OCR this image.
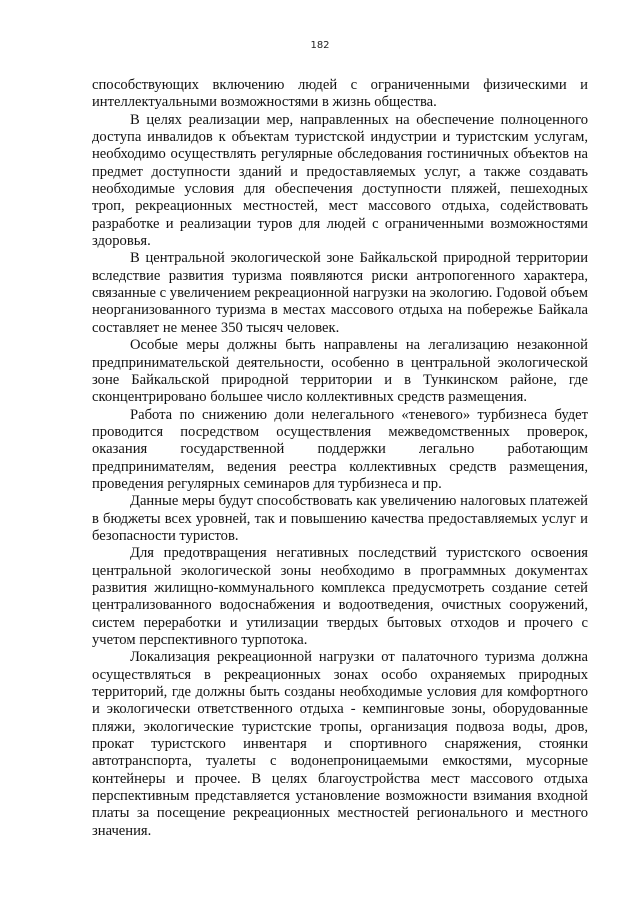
182

способствующих включению людей с ограниченными физическими и интеллектуальными возможностями в жизнь общества.

В целях реализации мер, направленных на обеспечение полноценного доступа инвалидов к объектам туристской индустрии и туристским услугам, необходимо осуществлять регулярные обследования гостиничных объектов на предмет доступности зданий и предоставляемых услуг, а также создавать необходимые условия для обеспечения доступности пляжей, пешеходных троп, рекреационных местностей, мест массового отдыха, содействовать разработке и реализации туров для людей с ограниченными возможностями здоровья.

В центральной экологической зоне Байкальской природной территории вследствие развития туризма появляются риски антропогенного характера, связанные с увеличением рекреационной нагрузки на экологию. Годовой объем неорганизованного туризма в местах массового отдыха на побережье Байкала составляет не менее 350 тысяч человек.

Особые меры должны быть направлены на легализацию незаконной предпринимательской деятельности, особенно в центральной экологической зоне Байкальской природной территории и в Тункинском районе, где сконцентрировано большее число коллективных средств размещения.

Работа по снижению доли нелегального «теневого» турбизнеса будет проводится посредством осуществления межведомственных проверок, оказания государственной поддержки легально работающим предпринимателям, ведения реестра коллективных средств размещения, проведения регулярных семинаров для турбизнеса и пр.

Данные меры будут способствовать как увеличению налоговых платежей в бюджеты всех уровней, так и повышению качества предоставляемых услуг и безопасности туристов.

Для предотвращения негативных последствий туристского освоения центральной экологической зоны необходимо в программных документах развития жилищно-коммунального комплекса предусмотреть создание сетей централизованного водоснабжения и водоотведения, очистных сооружений, систем переработки и утилизации твердых бытовых отходов и прочего с учетом перспективного турпотока.

Локализация рекреационной нагрузки от палаточного туризма должна осуществляться в рекреационных зонах особо охраняемых природных территорий, где должны быть созданы необходимые условия для комфортного и экологически ответственного отдыха - кемпинговые зоны, оборудованные пляжи, экологические туристские тропы, организация подвоза воды, дров, прокат туристского инвентаря и спортивного снаряжения, стоянки автотранспорта, туалеты с водонепроницаемыми емкостями, мусорные контейнеры и прочее. В целях благоустройства мест массового отдыха перспективным представляется установление возможности взимания входной платы за посещение рекреационных местностей регионального и местного значения.
